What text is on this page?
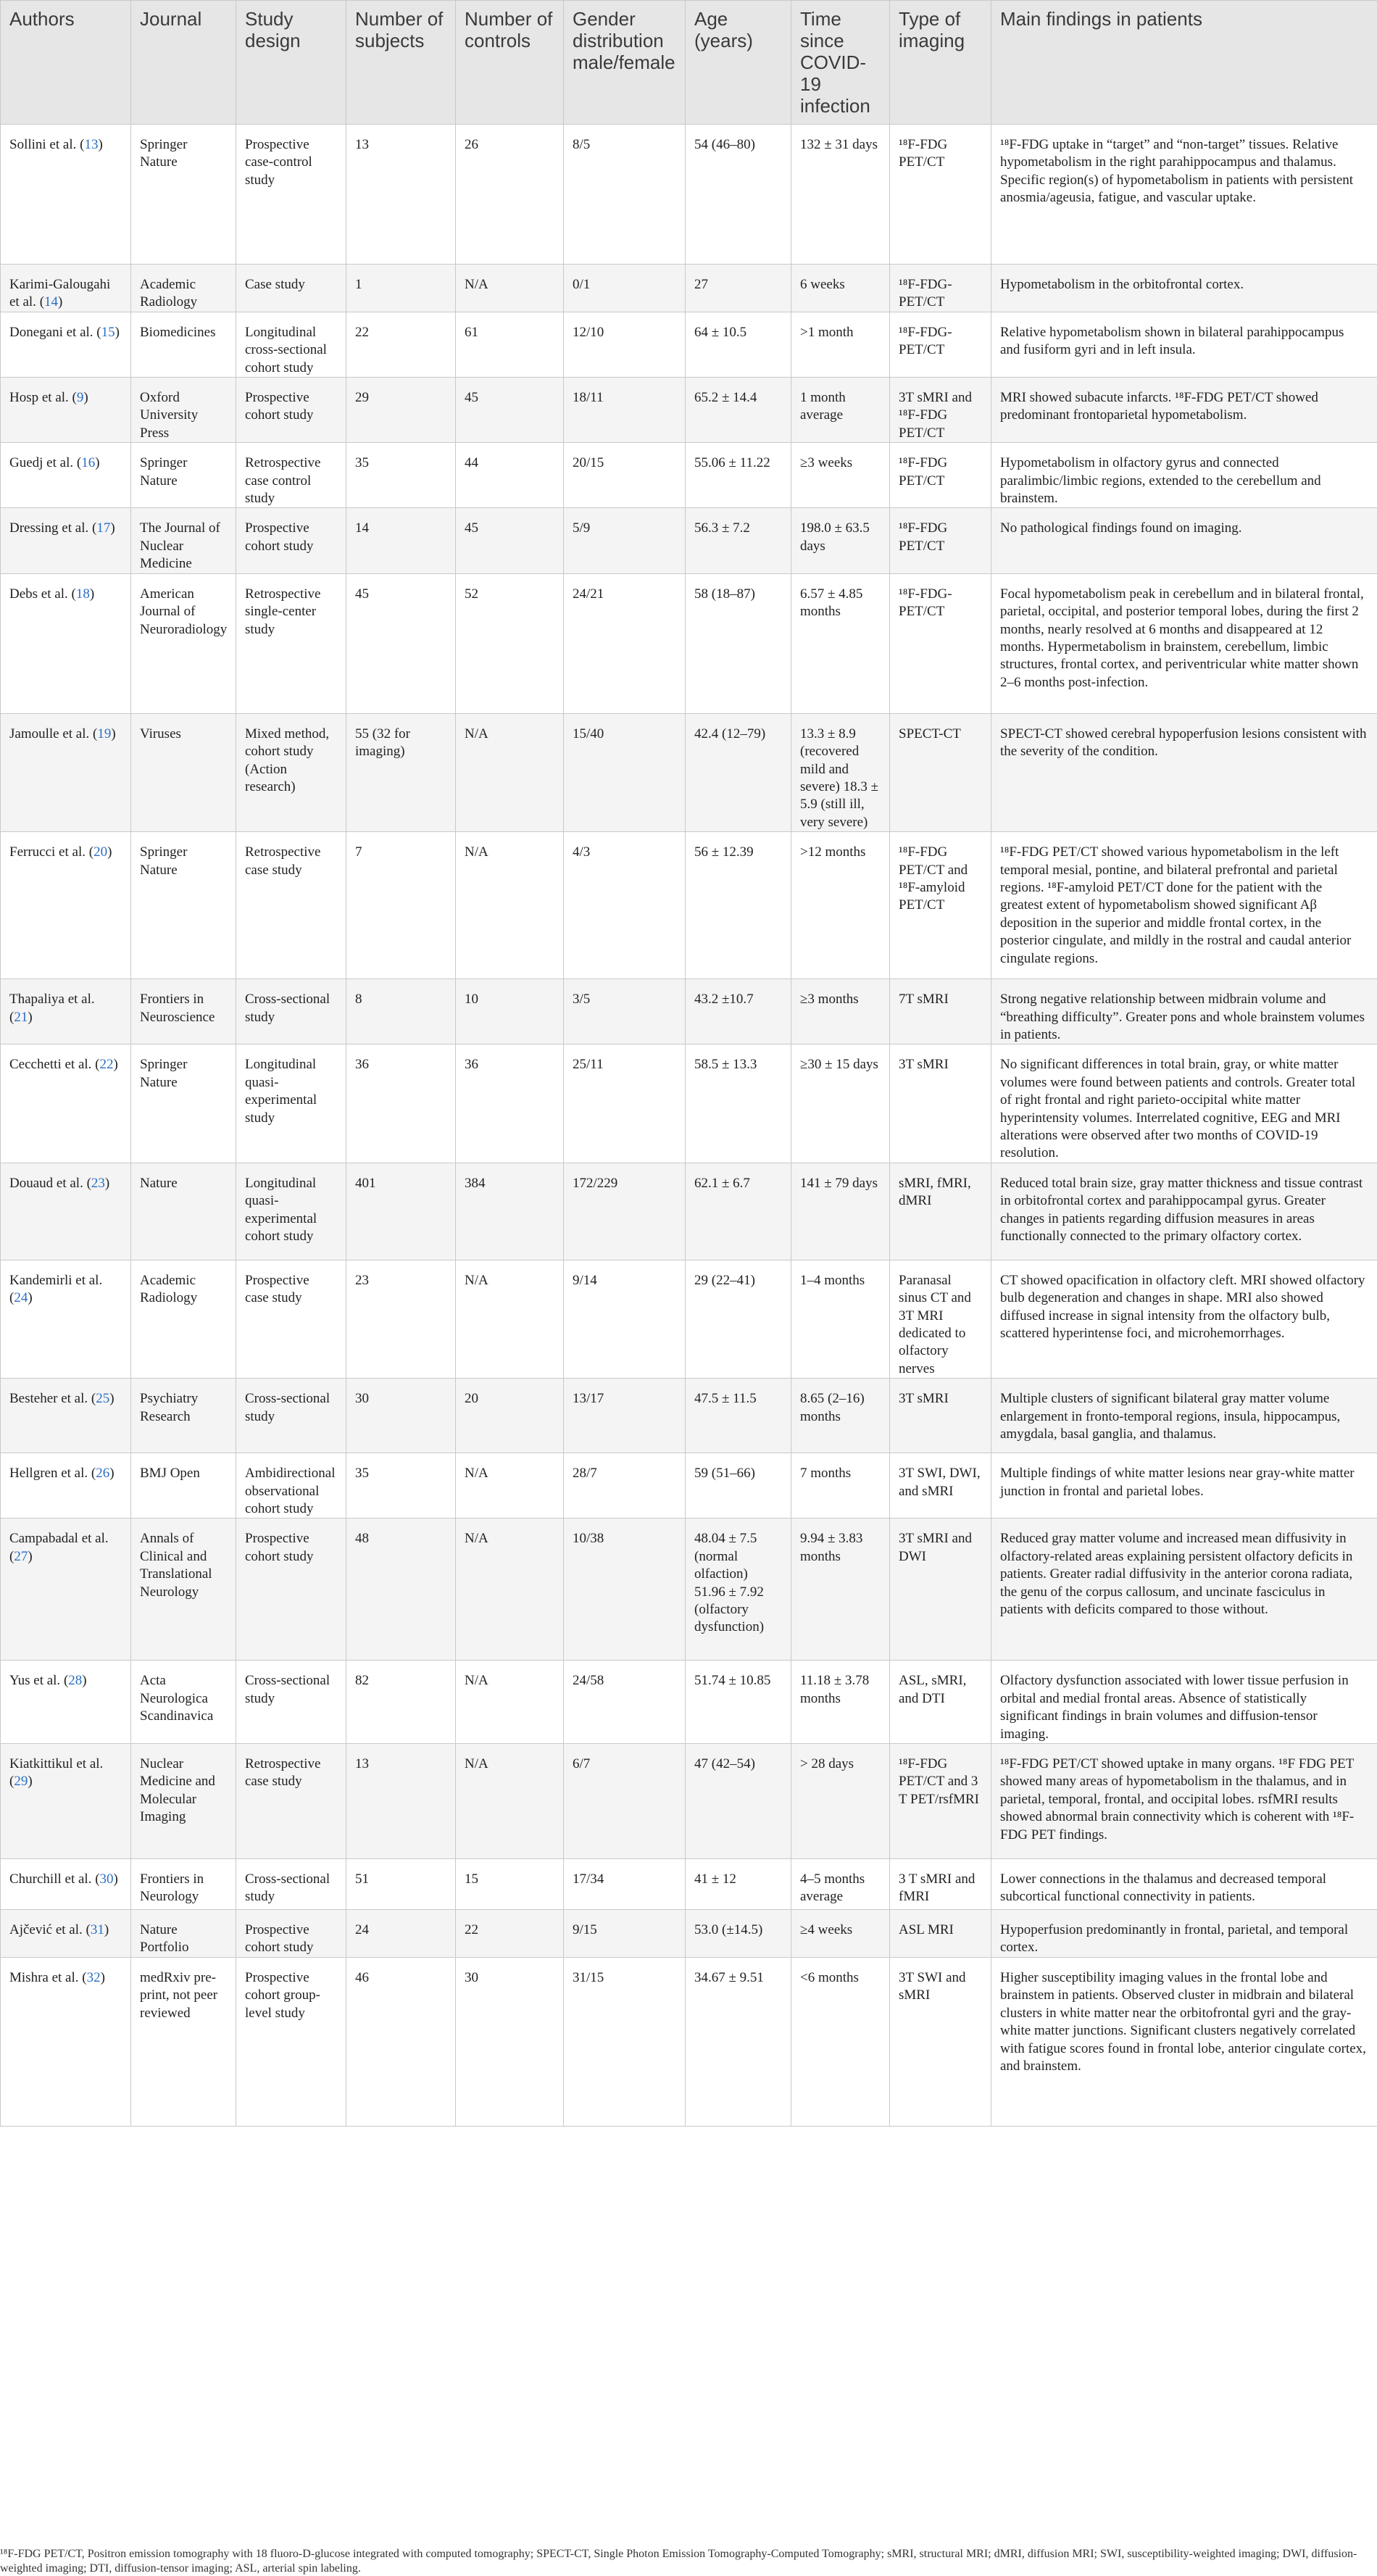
Authors	Journal	Study design	Number of subjects	Number of controls	Gender distribution male/female	Age (years)	Time since COVID-19 infection	Type of imaging	Main findings in patients
Sollini et al. (13)	Springer Nature	Prospective case-control study	13	26	8/5	54 (46–80)	132 ± 31 days	¹⁸F-FDG PET/CT	¹⁸F-FDG uptake in “target” and “non-target” tissues. Relative hypometabolism in the right parahippocampus and thalamus. Specific region(s) of hypometabolism in patients with persistent anosmia/ageusia, fatigue, and vascular uptake.
Karimi-Galougahi et al. (14)	Academic Radiology	Case study	1	N/A	0/1	27	6 weeks	¹⁸F-FDG-PET/CT	Hypometabolism in the orbitofrontal cortex.
Donegani et al. (15)	Biomedicines	Longitudinal cross-sectional cohort study	22	61	12/10	64 ± 10.5	>1 month	¹⁸F-FDG-PET/CT	Relative hypometabolism shown in bilateral parahippocampus and fusiform gyri and in left insula.
Hosp et al. (9)	Oxford University Press	Prospective cohort study	29	45	18/11	65.2 ± 14.4	1 month average	3T sMRI and ¹⁸F-FDG PET/CT	MRI showed subacute infarcts. ¹⁸F-FDG PET/CT showed predominant frontoparietal hypometabolism.
Guedj et al. (16)	Springer Nature	Retrospective case control study	35	44	20/15	55.06 ± 11.22	≥3 weeks	¹⁸F-FDG PET/CT	Hypometabolism in olfactory gyrus and connected paralimbic/limbic regions, extended to the cerebellum and brainstem.
Dressing et al. (17)	The Journal of Nuclear Medicine	Prospective cohort study	14	45	5/9	56.3 ± 7.2	198.0 ± 63.5 days	¹⁸F-FDG PET/CT	No pathological findings found on imaging.
Debs et al. (18)	American Journal of Neuroradiology	Retrospective single-center study	45	52	24/21	58 (18–87)	6.57 ± 4.85 months	¹⁸F-FDG-PET/CT	Focal hypometabolism peak in cerebellum and in bilateral frontal, parietal, occipital, and posterior temporal lobes, during the first 2 months, nearly resolved at 6 months and disappeared at 12 months. Hypermetabolism in brainstem, cerebellum, limbic structures, frontal cortex, and periventricular white matter shown 2–6 months post-infection.
Jamoulle et al. (19)	Viruses	Mixed method, cohort study (Action research)	55 (32 for imaging)	N/A	15/40	42.4 (12–79)	13.3 ± 8.9 (recovered mild and severe) 18.3 ± 5.9 (still ill, very severe)	SPECT-CT	SPECT-CT showed cerebral hypoperfusion lesions consistent with the severity of the condition.
Ferrucci et al. (20)	Springer Nature	Retrospective case study	7	N/A	4/3	56 ± 12.39	>12 months	¹⁸F-FDG PET/CT and ¹⁸F-amyloid PET/CT	¹⁸F-FDG PET/CT showed various hypometabolism in the left temporal mesial, pontine, and bilateral prefrontal and parietal regions. ¹⁸F-amyloid PET/CT done for the patient with the greatest extent of hypometabolism showed significant Aβ deposition in the superior and middle frontal cortex, in the posterior cingulate, and mildly in the rostral and caudal anterior cingulate regions.
Thapaliya et al. (21)	Frontiers in Neuroscience	Cross-sectional study	8	10	3/5	43.2 ±10.7	≥3 months	7T sMRI	Strong negative relationship between midbrain volume and “breathing difficulty”. Greater pons and whole brainstem volumes in patients.
Cecchetti et al. (22)	Springer Nature	Longitudinal quasi-experimental study	36	36	25/11	58.5 ± 13.3	≥30 ± 15 days	3T sMRI	No significant differences in total brain, gray, or white matter volumes were found between patients and controls. Greater total of right frontal and right parieto-occipital white matter hyperintensity volumes. Interrelated cognitive, EEG and MRI alterations were observed after two months of COVID-19 resolution.
Douaud et al. (23)	Nature	Longitudinal quasi-experimental cohort study	401	384	172/229	62.1 ± 6.7	141 ± 79 days	sMRI, fMRI, dMRI	Reduced total brain size, gray matter thickness and tissue contrast in orbitofrontal cortex and parahippocampal gyrus. Greater changes in patients regarding diffusion measures in areas functionally connected to the primary olfactory cortex.
Kandemirli et al. (24)	Academic Radiology	Prospective case study	23	N/A	9/14	29 (22–41)	1–4 months	Paranasal sinus CT and 3T MRI dedicated to olfactory nerves	CT showed opacification in olfactory cleft. MRI showed olfactory bulb degeneration and changes in shape. MRI also showed diffused increase in signal intensity from the olfactory bulb, scattered hyperintense foci, and microhemorrhages.
Besteher et al. (25)	Psychiatry Research	Cross-sectional study	30	20	13/17	47.5 ± 11.5	8.65 (2–16) months	3T sMRI	Multiple clusters of significant bilateral gray matter volume enlargement in fronto-temporal regions, insula, hippocampus, amygdala, basal ganglia, and thalamus.
Hellgren et al. (26)	BMJ Open	Ambidirectional observational cohort study	35	N/A	28/7	59 (51–66)	7 months	3T SWI, DWI, and sMRI	Multiple findings of white matter lesions near gray-white matter junction in frontal and parietal lobes.
Campabadal et al. (27)	Annals of Clinical and Translational Neurology	Prospective cohort study	48	N/A	10/38	48.04 ± 7.5 (normal olfaction) 51.96 ± 7.92 (olfactory dysfunction)	9.94 ± 3.83 months	3T sMRI and DWI	Reduced gray matter volume and increased mean diffusivity in olfactory-related areas explaining persistent olfactory deficits in patients. Greater radial diffusivity in the anterior corona radiata, the genu of the corpus callosum, and uncinate fasciculus in patients with deficits compared to those without.
Yus et al. (28)	Acta Neurologica Scandinavica	Cross-sectional study	82	N/A	24/58	51.74 ± 10.85	11.18 ± 3.78 months	ASL, sMRI, and DTI	Olfactory dysfunction associated with lower tissue perfusion in orbital and medial frontal areas. Absence of statistically significant findings in brain volumes and diffusion-tensor imaging.
Kiatkittikul et al. (29)	Nuclear Medicine and Molecular Imaging	Retrospective case study	13	N/A	6/7	47 (42–54)	> 28 days	¹⁸F-FDG PET/CT and 3 T PET/rsfMRI	¹⁸F-FDG PET/CT showed uptake in many organs. ¹⁸F FDG PET showed many areas of hypometabolism in the thalamus, and in parietal, temporal, frontal, and occipital lobes. rsfMRI results showed abnormal brain connectivity which is coherent with ¹⁸F-FDG PET findings.
Churchill et al. (30)	Frontiers in Neurology	Cross-sectional study	51	15	17/34	41 ± 12	4–5 months average	3 T sMRI and fMRI	Lower connections in the thalamus and decreased temporal subcortical functional connectivity in patients.
Ajčević et al. (31)	Nature Portfolio	Prospective cohort study	24	22	9/15	53.0 (±14.5)	≥4 weeks	ASL MRI	Hypoperfusion predominantly in frontal, parietal, and temporal cortex.
Mishra et al. (32)	medRxiv pre-print, not peer reviewed	Prospective cohort group-level study	46	30	31/15	34.67 ± 9.51	<6 months	3T SWI and sMRI	Higher susceptibility imaging values in the frontal lobe and brainstem in patients. Observed cluster in midbrain and bilateral clusters in white matter near the orbitofrontal gyri and the gray-white matter junctions. Significant clusters negatively correlated with fatigue scores found in frontal lobe, anterior cingulate cortex, and brainstem.

¹⁸F-FDG PET/CT, Positron emission tomography with 18 fluoro-D-glucose integrated with computed tomography; SPECT-CT, Single Photon Emission Tomography-Computed Tomography; sMRI, structural MRI; dMRI, diffusion MRI; SWI, susceptibility-weighted imaging; DWI, diffusion-weighted imaging; DTI, diffusion-tensor imaging; ASL, arterial spin labeling.
